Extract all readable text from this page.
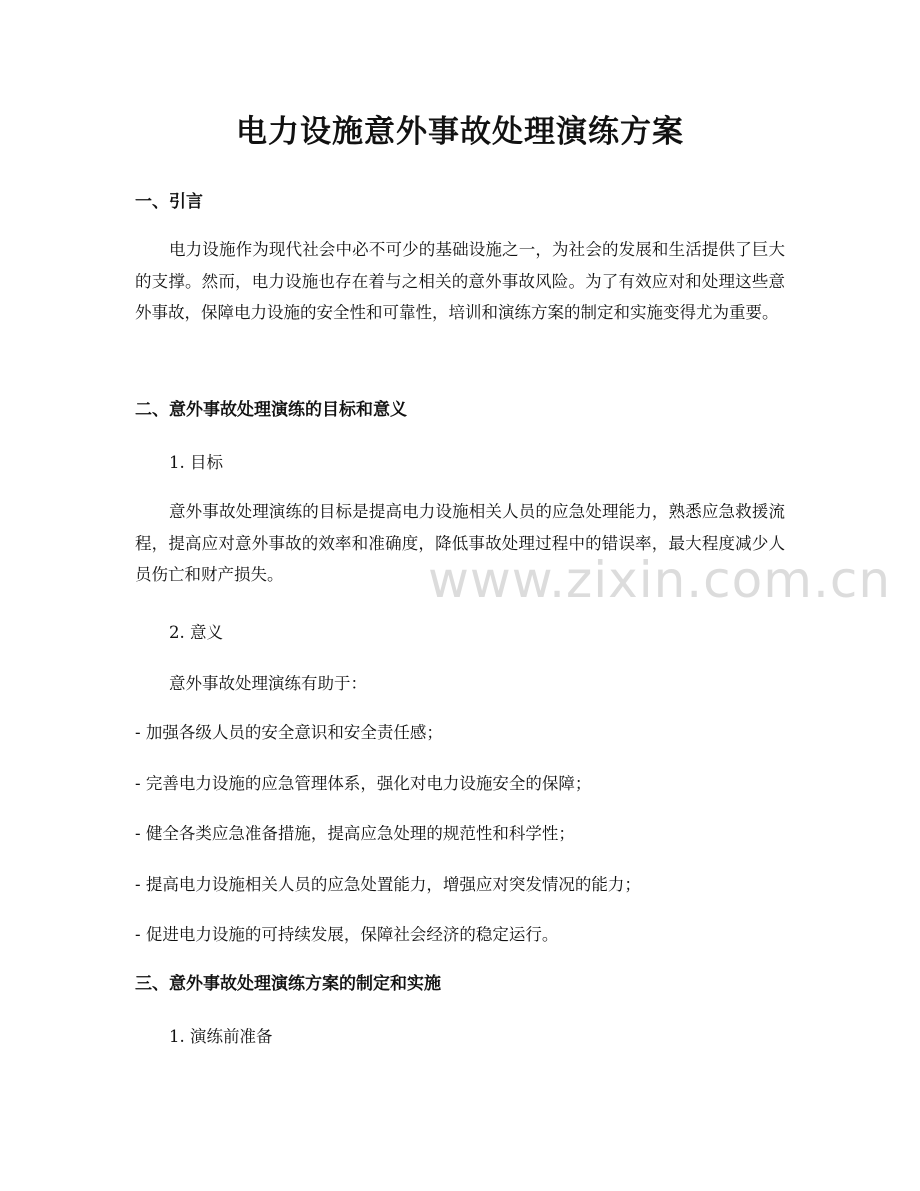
电力设施意外事故处理演练方案
一、引言
电力设施作为现代社会中必不可少的基础设施之一，为社会的发展和生活提供了巨大的支撑。然而，电力设施也存在着与之相关的意外事故风险。为了有效应对和处理这些意外事故，保障电力设施的安全性和可靠性，培训和演练方案的制定和实施变得尤为重要。
二、意外事故处理演练的目标和意义
1. 目标
意外事故处理演练的目标是提高电力设施相关人员的应急处理能力，熟悉应急救援流程，提高应对意外事故的效率和准确度，降低事故处理过程中的错误率，最大程度减少人员伤亡和财产损失。
2. 意义
意外事故处理演练有助于：
- 加强各级人员的安全意识和安全责任感；
- 完善电力设施的应急管理体系，强化对电力设施安全的保障；
- 健全各类应急准备措施，提高应急处理的规范性和科学性；
- 提高电力设施相关人员的应急处置能力，增强应对突发情况的能力；
- 促进电力设施的可持续发展，保障社会经济的稳定运行。
三、意外事故处理演练方案的制定和实施
1. 演练前准备
www.zixin.com.cn
